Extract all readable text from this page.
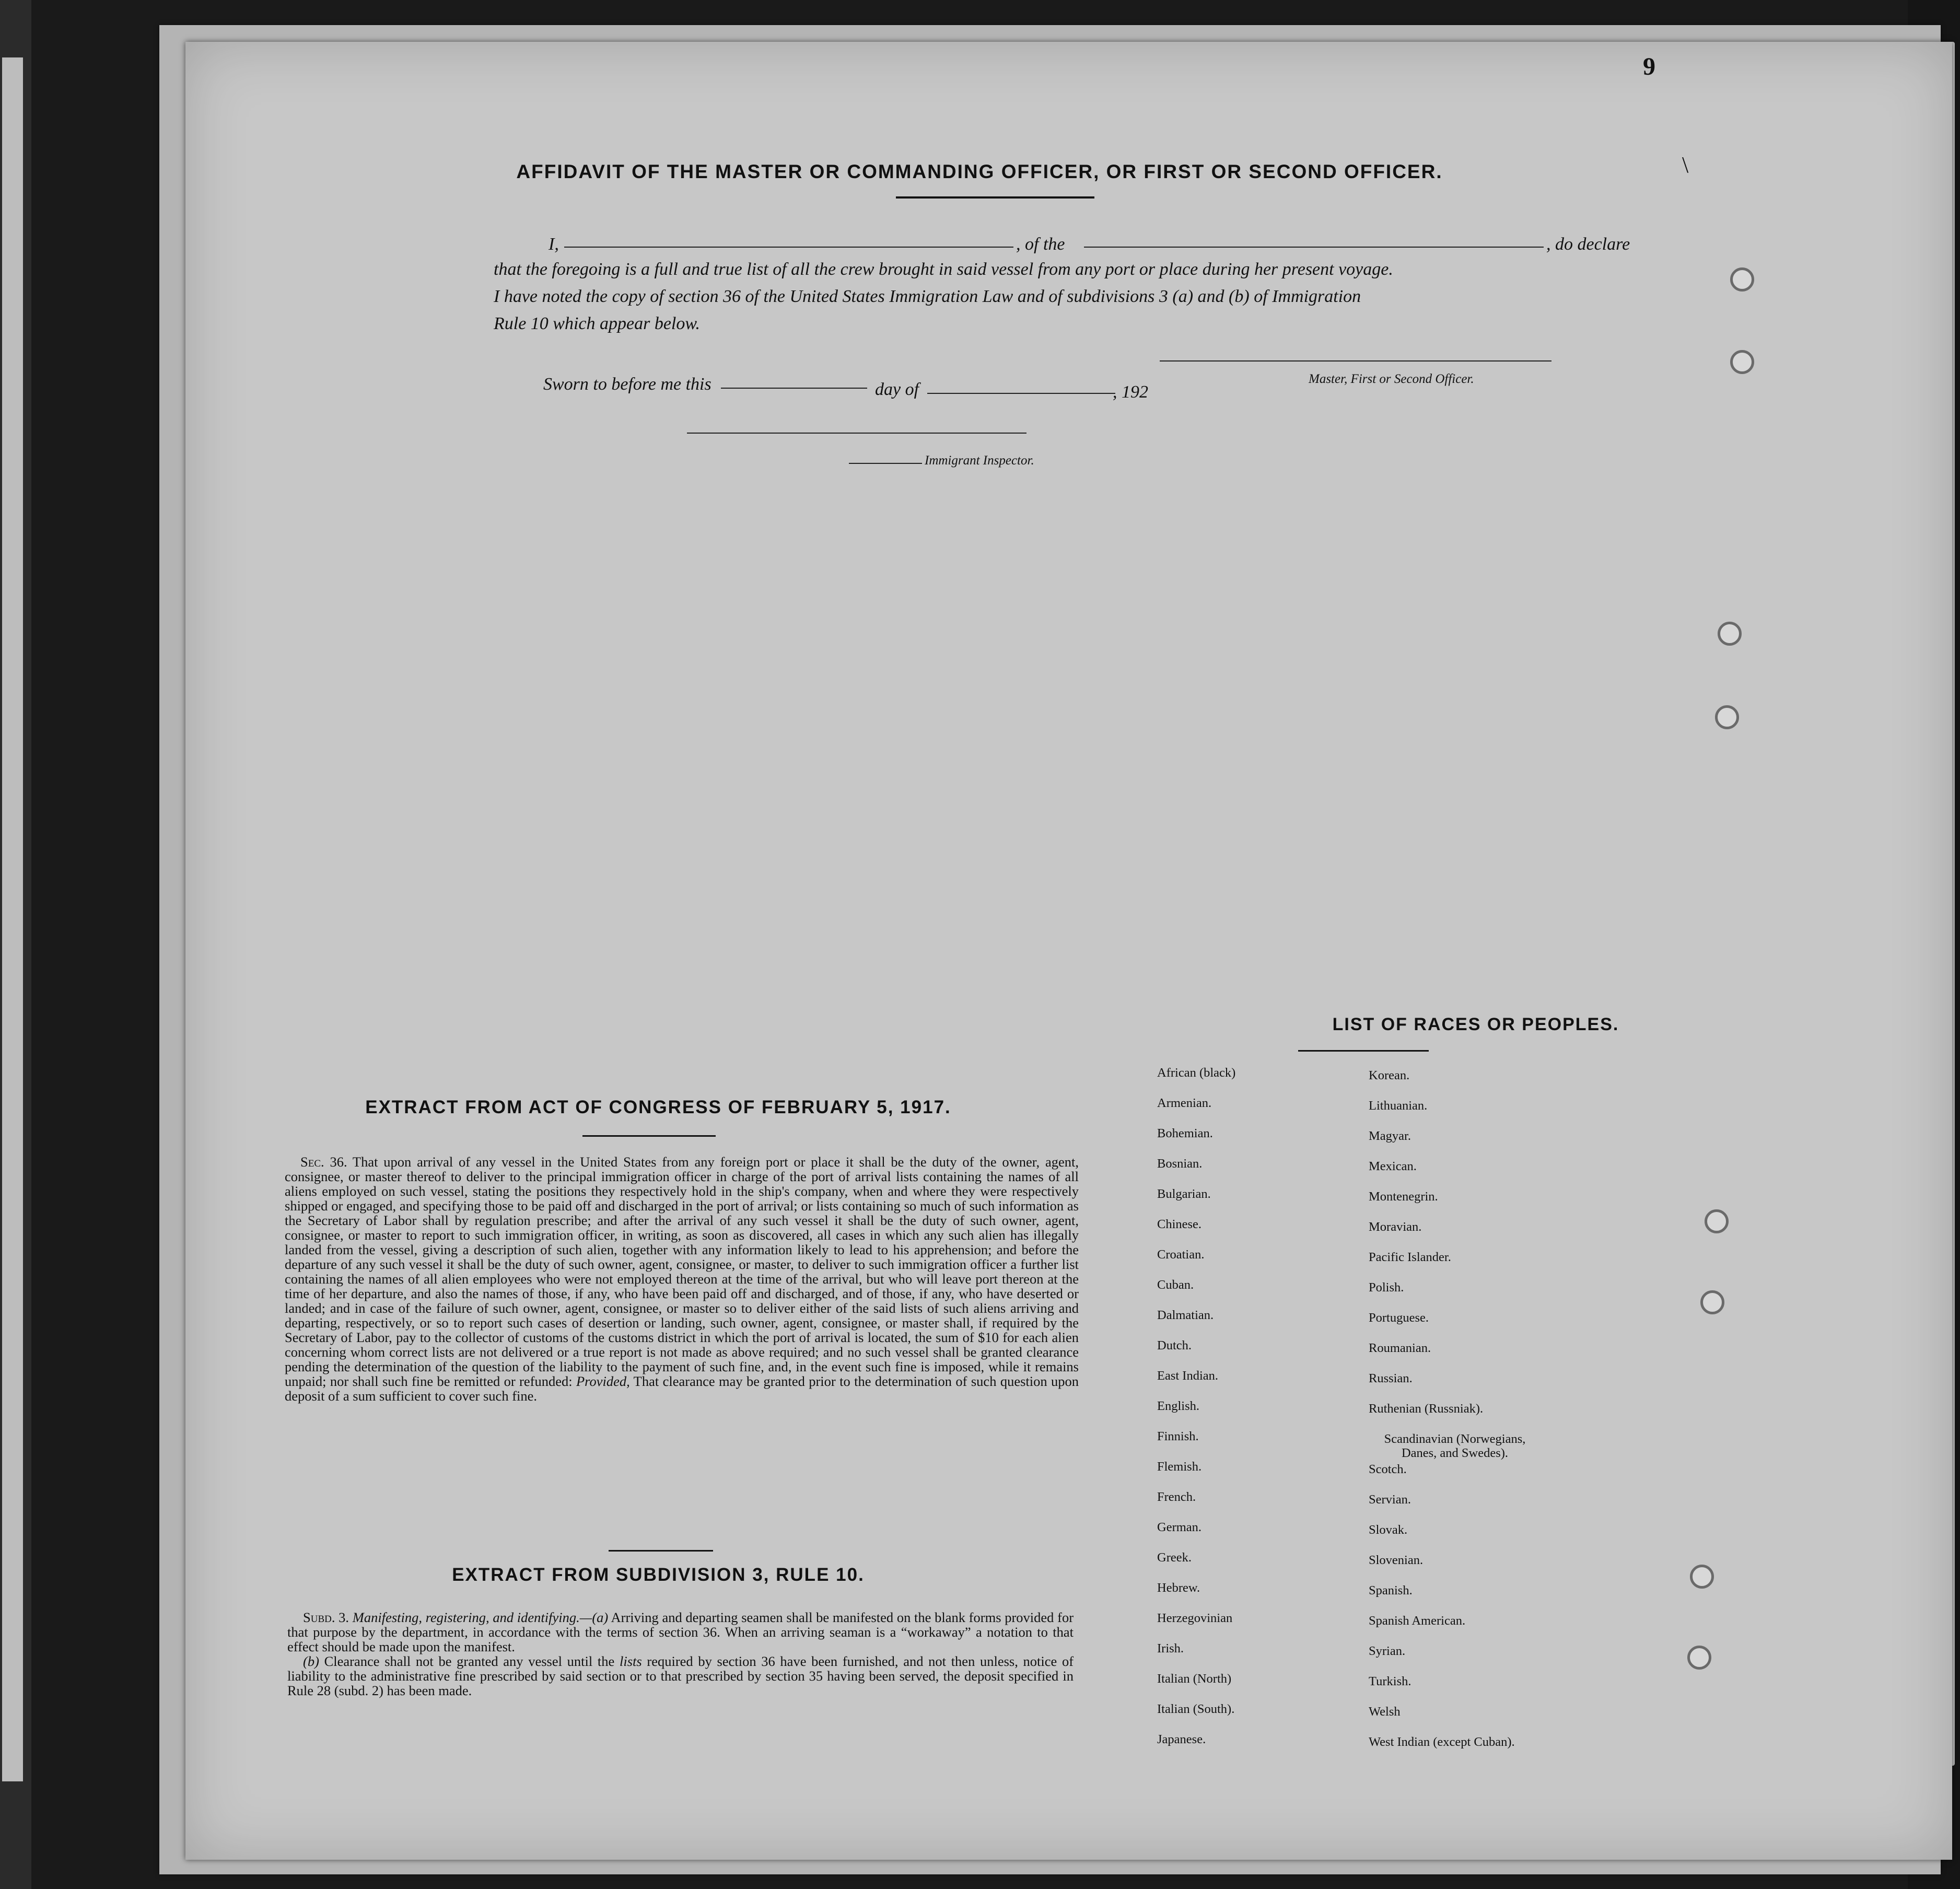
9
\
AFFIDAVIT OF THE MASTER OR COMMANDING OFFICER, OR FIRST OR SECOND OFFICER.
I,	, of the	, do declare
that the foregoing is a full and true list of all the crew brought in said vessel from any port or place during her present voyage.
I have noted the copy of section 36 of the United States Immigration Law and of subdivisions 3 (a) and (b) of Immigration
Rule 10 which appear below.
Master, First or Second Officer.
Sworn to before me this	day of	, 192
Immigrant Inspector.
EXTRACT FROM ACT OF CONGRESS OF FEBRUARY 5, 1917.

Sec. 36. That upon arrival of any vessel in the United States from any foreign port or place it shall be the duty of the owner, agent, consignee, or master thereof to deliver to the principal immigration officer in charge of the port of arrival lists containing the names of all aliens employed on such vessel, stating the positions they respectively hold in the ship's company, when and where they were respectively shipped or engaged, and specifying those to be paid off and discharged in the port of arrival; or lists containing so much of such information as the Secretary of Labor shall by regulation prescribe; and after the arrival of any such vessel it shall be the duty of such owner, agent, consignee, or master to report to such immigration officer, in writing, as soon as discovered, all cases in which any such alien has illegally landed from the vessel, giving a description of such alien, together with any information likely to lead to his apprehension; and before the departure of any such vessel it shall be the duty of such owner, agent, consignee, or master, to deliver to such immigration officer a further list containing the names of all alien employees who were not employed thereon at the time of the arrival, but who will leave port thereon at the time of her departure, and also the names of those, if any, who have been paid off and discharged, and of those, if any, who have deserted or landed; and in case of the failure of such owner, agent, consignee, or master so to deliver either of the said lists of such aliens arriving and departing, respectively, or so to report such cases of desertion or landing, such owner, agent, consignee, or master shall, if required by the Secretary of Labor, pay to the collector of customs of the customs district in which the port of arrival is located, the sum of $10 for each alien concerning whom correct lists are not delivered or a true report is not made as above required; and no such vessel shall be granted clearance pending the determination of the question of the liability to the payment of such fine, and, in the event such fine is imposed, while it remains unpaid; nor shall such fine be remitted or refunded: Provided, That clearance may be granted prior to the determination of such question upon deposit of a sum sufficient to cover such fine.

EXTRACT FROM SUBDIVISION 3, RULE 10.

Subd. 3. Manifesting, registering, and identifying.—(a) Arriving and departing seamen shall be manifested on the blank forms provided for that purpose by the department, in accordance with the terms of section 36. When an arriving seaman is a “workaway” a notation to that effect should be made upon the manifest.

(b) Clearance shall not be granted any vessel until the lists required by section 36 have been furnished, and not then unless, notice of liability to the administrative fine prescribed by said section or to that prescribed by section 35 having been served, the deposit specified in Rule 28 (subd. 2) has been made.

LIST OF RACES OR PEOPLES.
African (black)
Armenian.
Bohemian.
Bosnian.
Bulgarian.
Chinese.
Croatian.
Cuban.
Dalmatian.
Dutch.
East Indian.
English.
Finnish.
Flemish.
French.
German.
Greek.
Hebrew.
Herzegovinian
Irish.
Italian (North)
Italian (South).
Japanese.
Korean.
Lithuanian.
Magyar.
Mexican.
Montenegrin.
Moravian.
Pacific Islander.
Polish.
Portuguese.
Roumanian.
Russian.
Ruthenian (Russniak).
Scandinavian (Norwegians, Danes, and Swedes).
Scotch.
Servian.
Slovak.
Slovenian.
Spanish.
Spanish American.
Syrian.
Turkish.
Welsh
West Indian (except Cuban).
